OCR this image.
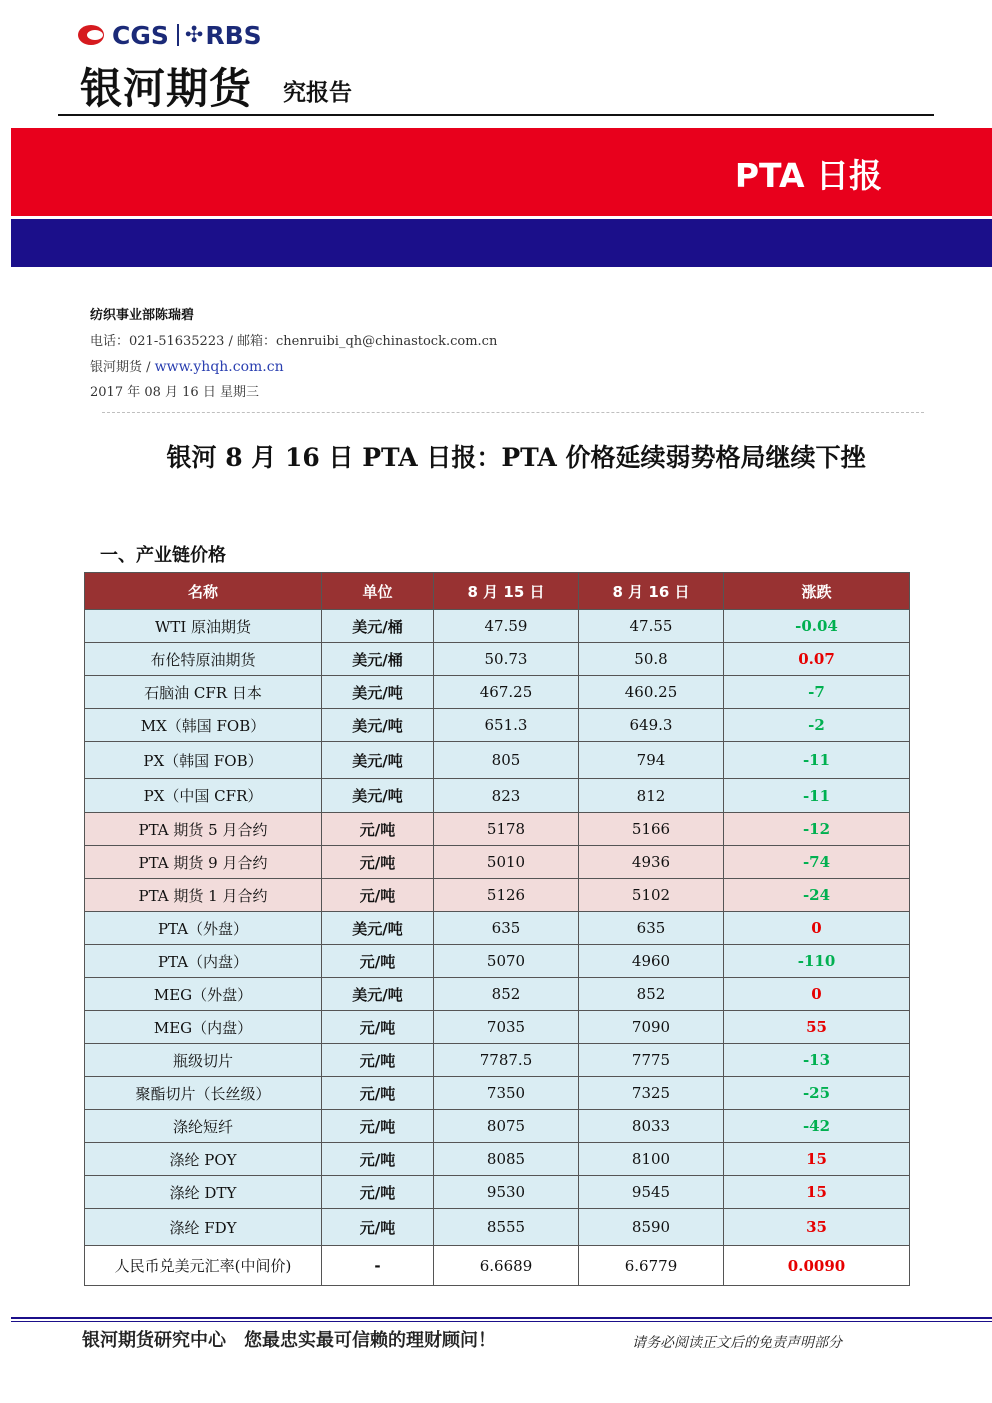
CGS ✣ RBS
银河期货 究报告
PTA 日报
纺织事业部陈瑞碧
电话：021-51635223 / 邮箱：chenruibi_qh@chinastock.com.cn
银河期货 / www.yhqh.com.cn
2017 年 08 月 16 日 星期三
银河 8 月 16 日 PTA 日报：PTA 价格延续弱势格局继续下挫
一、产业链价格
名称	单位	8 月 15 日	8 月 16 日	涨跌
WTI 原油期货	美元/桶	47.59	47.55	-0.04
布伦特原油期货	美元/桶	50.73	50.8	0.07
石脑油 CFR 日本	美元/吨	467.25	460.25	-7
MX（韩国 FOB）	美元/吨	651.3	649.3	-2
PX（韩国 FOB）	美元/吨	805	794	-11
PX（中国 CFR）	美元/吨	823	812	-11
PTA 期货 5 月合约	元/吨	5178	5166	-12
PTA 期货 9 月合约	元/吨	5010	4936	-74
PTA 期货 1 月合约	元/吨	5126	5102	-24
PTA（外盘）	美元/吨	635	635	0
PTA（内盘）	元/吨	5070	4960	-110
MEG（外盘）	美元/吨	852	852	0
MEG（内盘）	元/吨	7035	7090	55
瓶级切片	元/吨	7787.5	7775	-13
聚酯切片（长丝级）	元/吨	7350	7325	-25
涤纶短纤	元/吨	8075	8033	-42
涤纶 POY	元/吨	8085	8100	15
涤纶 DTY	元/吨	9530	9545	15
涤纶 FDY	元/吨	8555	8590	35
人民币兑美元汇率(中间价)	-	6.6689	6.6779	0.0090
银河期货研究中心　您最忠实最可信赖的理财顾问！	请务必阅读正文后的免责声明部分
